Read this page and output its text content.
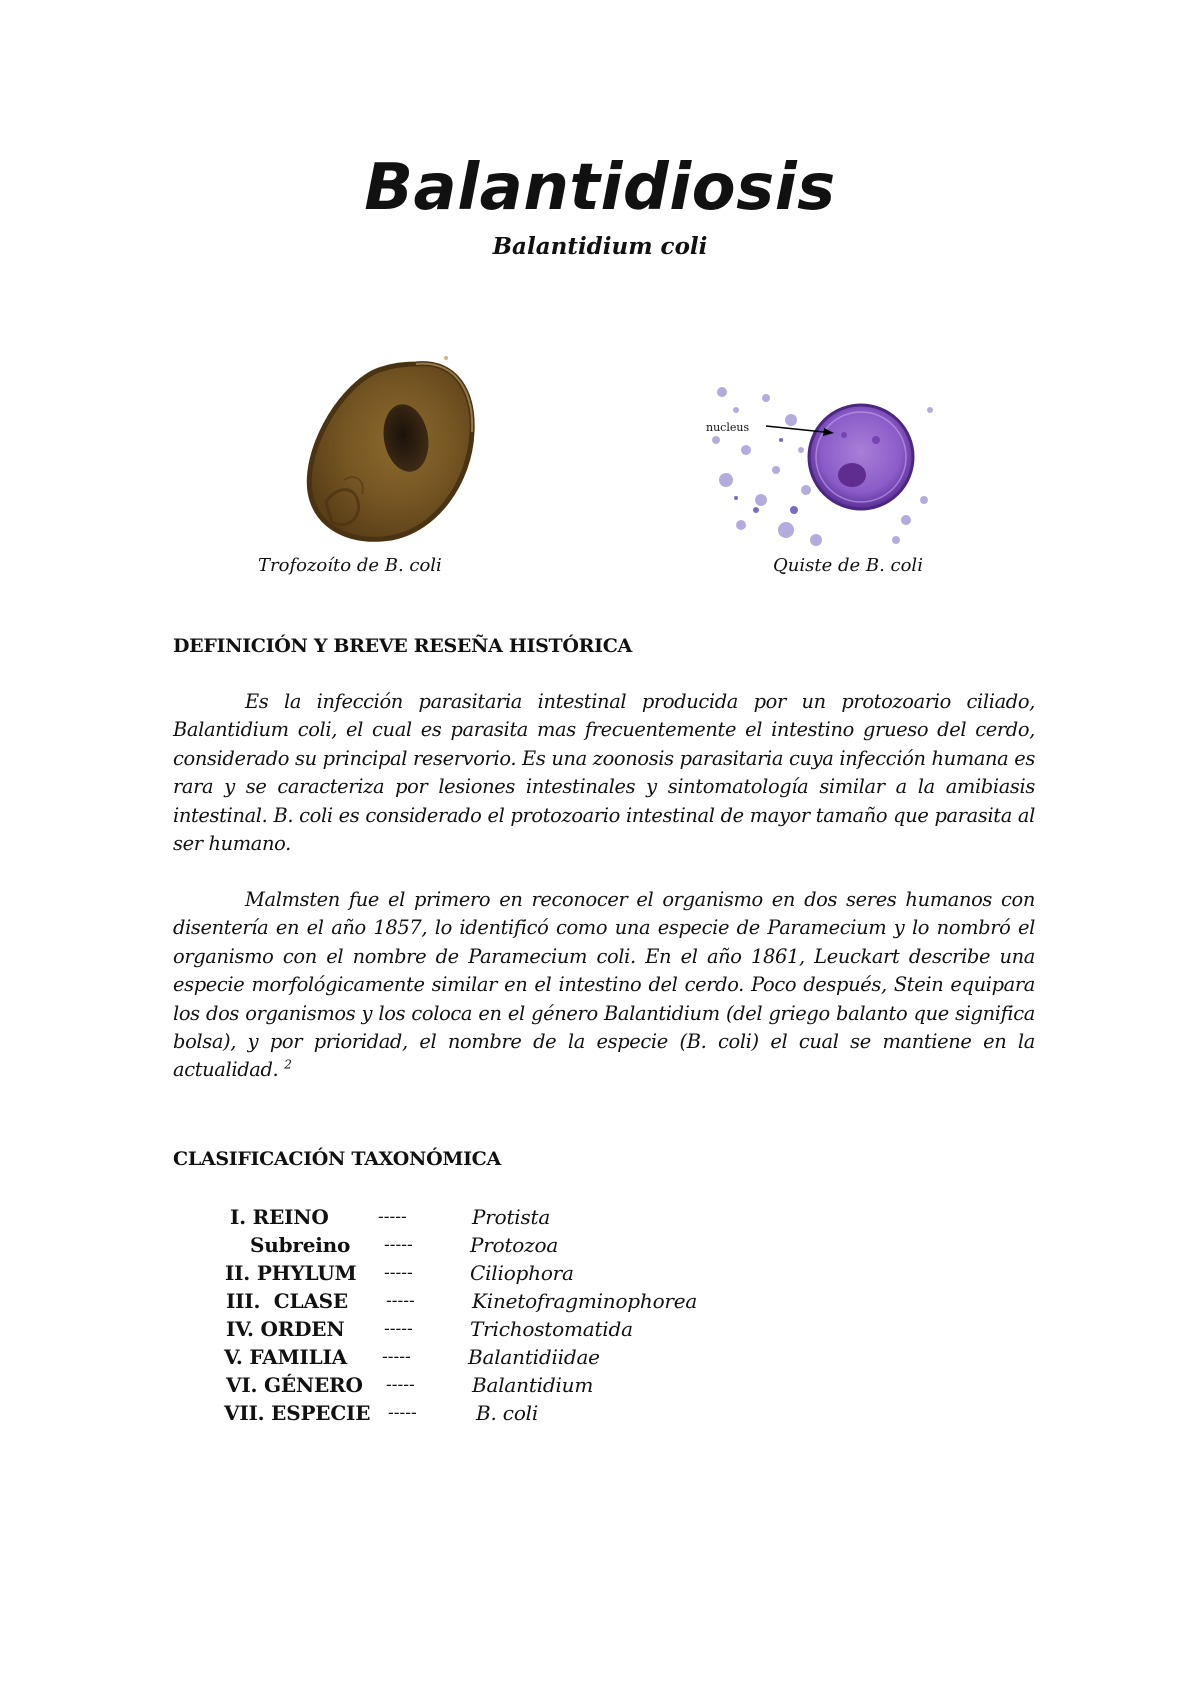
Balantidiosis
Balantidium coli
Trofozoíto de B. coli
nucleus
Quiste de B. coli
DEFINICIÓN Y BREVE RESEÑA HISTÓRICA
Es la infección parasitaria intestinal producida por un protozoario ciliado, Balantidium coli, el cual es parasita mas frecuentemente el intestino grueso del cerdo, considerado su principal reservorio. Es una zoonosis parasitaria cuya infección humana es rara y se caracteriza por lesiones intestinales y sintomatología similar a la amibiasis intestinal. B. coli es considerado el protozoario intestinal de mayor tamaño que parasita al ser humano.
Malmsten fue el primero en reconocer el organismo en dos seres humanos con disentería en el año 1857, lo identificó como una especie de Paramecium y lo nombró el organismo con el nombre de Paramecium coli. En el año 1861, Leuckart describe una especie morfológicamente similar en el intestino del cerdo. Poco después, Stein equipara los dos organismos y los coloca en el género Balantidium (del griego balanto que significa bolsa), y por prioridad, el nombre de la especie (B. coli) el cual se mantiene en la actualidad. $^2$
CLASIFICACIÓN TAXONÓMICA
I. REINO	-----	Protista
Subreino -----	Protozoa
II. PHYLUM -----	Ciliophora
III.  CLASE -----	Kinetofragminophorea
IV. ORDEN -----	Trichostomatida
V. FAMILIA -----	Balantidiidae
VI. GÉNERO -----	Balantidium
VII. ESPECIE -----	B. coli
